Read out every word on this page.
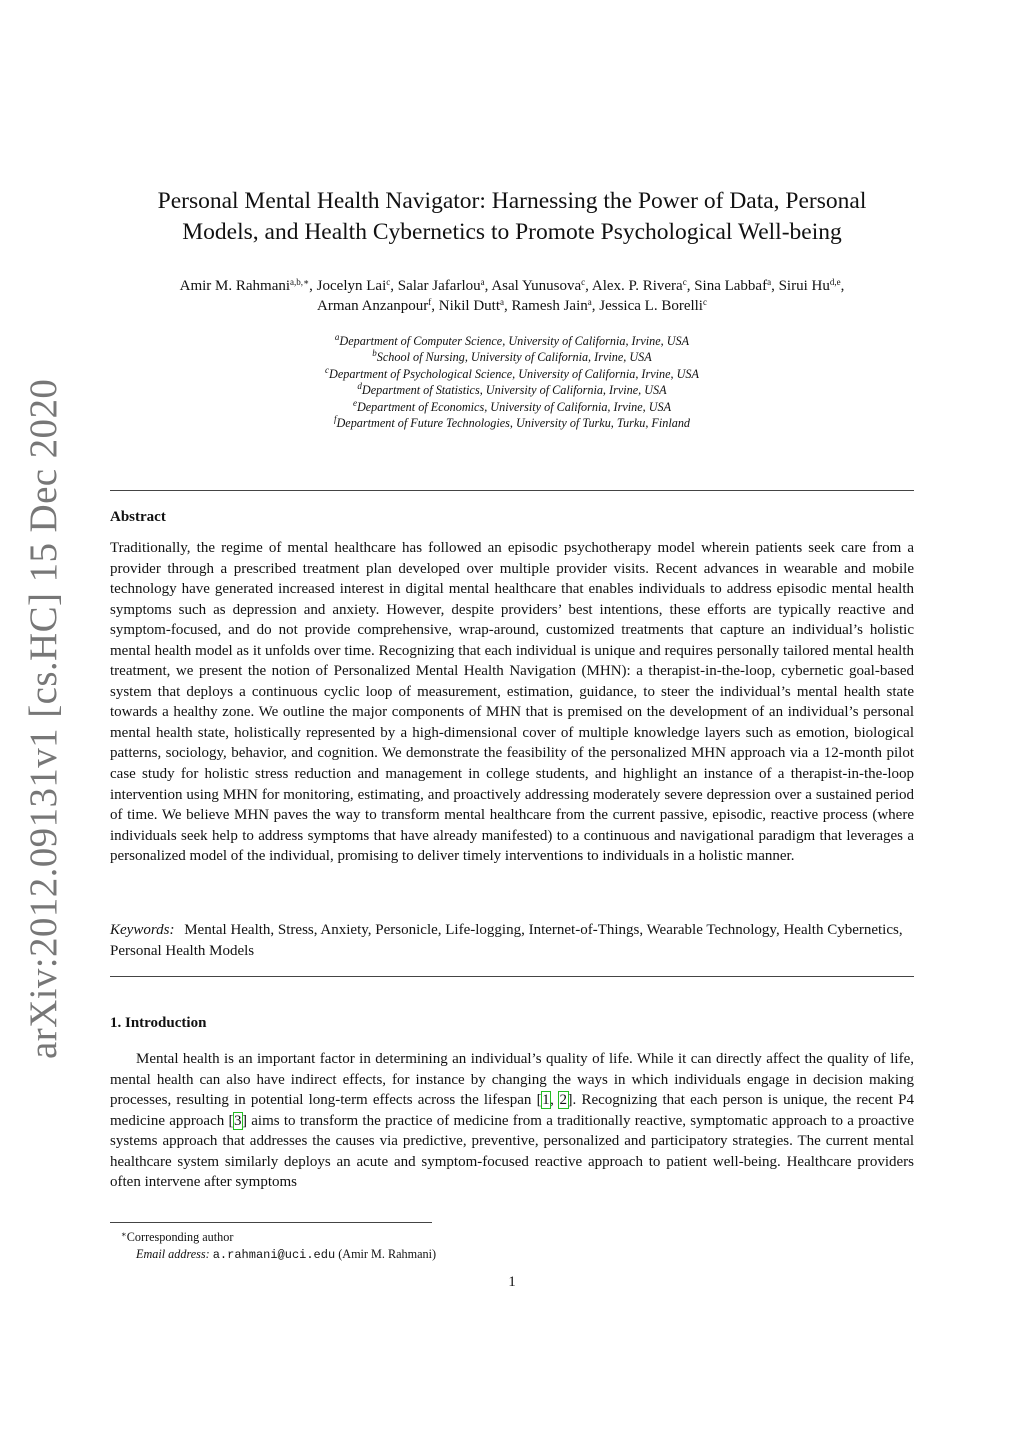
arXiv:2012.09131v1 [cs.HC] 15 Dec 2020
Personal Mental Health Navigator: Harnessing the Power of Data, Personal
Models, and Health Cybernetics to Promote Psychological Well-being
Amir M. Rahmani$^{a,b,∗}$, Jocelyn Lai$^c$, Salar Jafarlou$^a$, Asal Yunusova$^c$, Alex. P. Rivera$^c$, Sina Labbaf$^a$, Sirui Hu$^{d,e}$,
Arman Anzanpour$^f$, Nikil Dutt$^a$, Ramesh Jain$^a$, Jessica L. Borelli$^c$
$^a$Department of Computer Science, University of California, Irvine, USA
$^b$School of Nursing, University of California, Irvine, USA
$^c$Department of Psychological Science, University of California, Irvine, USA
$^d$Department of Statistics, University of California, Irvine, USA
$^e$Department of Economics, University of California, Irvine, USA
$^f$Department of Future Technologies, University of Turku, Turku, Finland
Abstract
Traditionally, the regime of mental healthcare has followed an episodic psychotherapy model wherein patients seek care from a provider through a prescribed treatment plan developed over multiple provider visits. Recent advances in wearable and mobile technology have generated increased interest in digital mental healthcare that enables individuals to address episodic mental health symptoms such as depression and anxiety. However, despite providers’ best intentions, these efforts are typically reactive and symptom-focused, and do not provide comprehensive, wrap-around, customized treatments that capture an individual’s holistic mental health model as it unfolds over time. Recognizing that each individual is unique and requires personally tailored mental health treatment, we present the notion of Personalized Mental Health Navigation (MHN): a therapist-in-the-loop, cybernetic goal-based system that deploys a continuous cyclic loop of measurement, estimation, guidance, to steer the individual’s mental health state towards a healthy zone. We outline the major components of MHN that is premised on the development of an individual’s personal mental health state, holistically represented by a high-dimensional cover of multiple knowledge layers such as emotion, biological patterns, sociology, behavior, and cognition. We demonstrate the feasibility of the personalized MHN approach via a 12-month pilot case study for holistic stress reduction and management in college students, and highlight an instance of a therapist-in-the-loop intervention using MHN for monitoring, estimating, and proactively addressing moderately severe depression over a sustained period of time. We believe MHN paves the way to transform mental healthcare from the current passive, episodic, reactive process (where individuals seek help to address symptoms that have already manifested) to a continuous and navigational paradigm that leverages a personalized model of the individual, promising to deliver timely interventions to individuals in a holistic manner.
Keywords: Mental Health, Stress, Anxiety, Personicle, Life-logging, Internet-of-Things, Wearable Technology, Health Cybernetics, Personal Health Models
1. Introduction
Mental health is an important factor in determining an individual’s quality of life. While it can directly affect the quality of life, mental health can also have indirect effects, for instance by changing the ways in which individuals engage in decision making processes, resulting in potential long-term effects across the lifespan [1, 2]. Recognizing that each person is unique, the recent P4 medicine approach [3] aims to transform the practice of medicine from a traditionally reactive, symptomatic approach to a proactive systems approach that addresses the causes via predictive, preventive, personalized and participatory strategies. The current mental healthcare system similarly deploys an acute and symptom-focused reactive approach to patient well-being. Healthcare providers often intervene after symptoms
∗Corresponding author
Email address: a.rahmani@uci.edu (Amir M. Rahmani)
1
